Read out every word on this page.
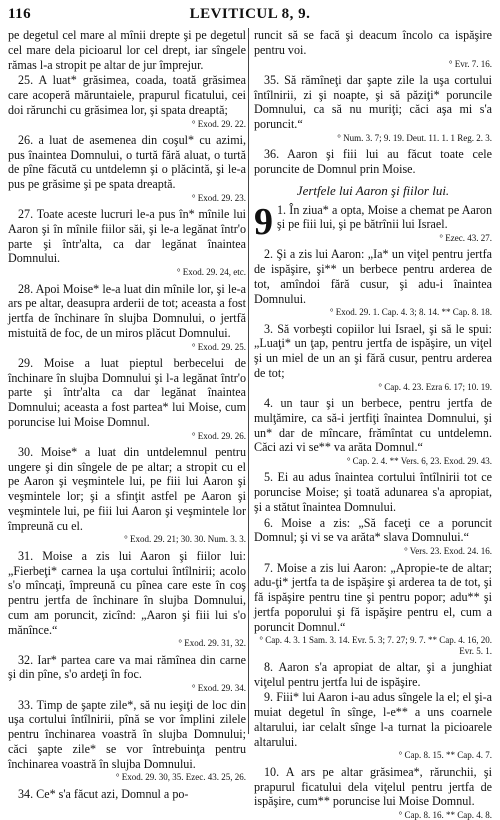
116	LEVITICUL 8, 9.

pe degetul cel mare al mînii drepte şi pe degetul cel mare dela picioarul lor cel drept, iar sîngele rămas l-a stropit pe altar de jur împrejur.

25. A luat* grăsimea, coada, toată grăsimea care acoperă măruntaiele, prapurul ficatului, cei doi rărunchi cu grăsimea lor, şi spata dreaptă;

° Exod. 29. 22.

26. a luat de asemenea din coşul* cu azimi, pus înaintea Domnului, o turtă fără aluat, o turtă de pîne făcută cu untdelemn şi o plăcintă, şi le-a pus pe grăsime şi pe spata dreaptă.

° Exod. 29. 23.

27. Toate aceste lucruri le-a pus în* mînile lui Aaron şi în mînile fiilor săi, şi le-a legănat într'o parte şi într'alta, ca dar legănat înaintea Domnului.

° Exod. 29. 24, etc.

28. Apoi Moise* le-a luat din mînile lor, şi le-a ars pe altar, deasupra arderii de tot; aceasta a fost jertfa de închinare în slujba Domnului, o jertfă mistuită de foc, de un miros plăcut Domnului.

° Exod. 29. 25.

29. Moise a luat pieptul berbecelui de închinare în slujba Domnului şi l-a legănat într'o parte şi într'alta ca dar legănat înaintea Domnului; aceasta a fost partea* lui Moise, cum poruncise lui Moise Domnul.

° Exod. 29. 26.

30. Moise* a luat din untdelemnul pentru ungere şi din sîngele de pe altar; a stropit cu el pe Aaron şi veşmintele lui, pe fiii lui Aaron şi veşmintele lor; şi a sfinţit astfel pe Aaron şi veşmintele lui, pe fiii lui Aaron şi veşmintele lor împreună cu el.

° Exod. 29. 21; 30. 30. Num. 3. 3.

31. Moise a zis lui Aaron şi fiilor lui: „Fierbeţi* carnea la uşa cortului întîlnirii; acolo s'o mîncaţi, împreună cu pînea care este în coş pentru jertfa de închinare în slujba Domnului, cum am poruncit, zicînd: „Aaron şi fiii lui s'o mănînce.“

° Exod. 29. 31, 32.

32. Iar* partea care va mai rămînea din carne şi din pîne, s'o ardeţi în foc.

° Exod. 29. 34.

33. Timp de şapte zile*, să nu ieşiţi de loc din uşa cortului întîlnirii, pînă se vor împlini zilele pentru închinarea voastră în slujba Domnului; căci şapte zile* se vor întrebuinţa pentru închinarea voastră în slujba Domnului.

° Exod. 29. 30, 35. Ezec. 43. 25, 26.

34. Ce* s'a făcut azi, Domnul a po-

runcit să se facă şi deacum încolo ca ispăşire pentru voi.

° Evr. 7. 16.

35. Să rămîneţi dar şapte zile la uşa cortului întîlnirii, zi şi noapte, şi să păziţi* poruncile Domnului, ca să nu muriţi; căci aşa mi s'a poruncit.“

° Num. 3. 7; 9. 19. Deut. 11. 1. 1 Reg. 2. 3.

36. Aaron şi fiii lui au făcut toate cele poruncite de Domnul prin Moise.

Jertfele lui Aaron şi fiilor lui.
9 1. În ziua* a opta, Moise a chemat pe Aaron şi pe fiii lui, şi pe bătrînii lui Israel.

° Ezec. 43. 27.

2. Şi a zis lui Aaron: „Ia* un viţel pentru jertfa de ispăşire, şi** un berbece pentru arderea de tot, amîndoi fără cusur, şi adu-i înaintea Domnului.

° Exod. 29. 1. Cap. 4. 3; 8. 14. ** Cap. 8. 18.

3. Să vorbeşti copiilor lui Israel, şi să le spui: „Luaţi* un ţap, pentru jertfa de ispăşire, un viţel şi un miel de un an şi fără cusur, pentru arderea de tot;

° Cap. 4. 23. Ezra 6. 17; 10. 19.

4. un taur şi un berbece, pentru jertfa de mulţămire, ca să-i jertfiţi înaintea Domnului, şi un* dar de mîncare, frămîntat cu untdelemn. Căci azi vi se** va arăta Domnul.“

° Cap. 2. 4. ** Vers. 6, 23. Exod. 29. 43.

5. Ei au adus înaintea cortului întîlnirii tot ce poruncise Moise; şi toată adunarea s'a apropiat, şi a stătut înaintea Domnului.

6. Moise a zis: „Să faceţi ce a poruncit Domnul; şi vi se va arăta* slava Domnului.“

° Vers. 23. Exod. 24. 16.

7. Moise a zis lui Aaron: „Apropie-te de altar; adu-ţi* jertfa ta de ispăşire şi arderea ta de tot, şi fă ispăşire pentru tine şi pentru popor; adu** şi jertfa poporului şi fă ispăşire pentru el, cum a poruncit Domnul.“

° Cap. 4. 3. 1 Sam. 3. 14. Evr. 5. 3; 7. 27; 9. 7. ** Cap. 4. 16, 20. Evr. 5. 1.

8. Aaron s'a apropiat de altar, şi a junghiat viţelul pentru jertfa lui de ispăşire.

9. Fiii* lui Aaron i-au adus sîngele la el; el şi-a muiat degetul în sînge, l-e** a uns coarnele altarului, iar celalt sînge l-a turnat la picioarele altarului.

° Cap. 8. 15. ** Cap. 4. 7.

10. A ars pe altar grăsimea*, rărunchii, şi prapurul ficatului dela viţelul pentru jertfa de ispăşire, cum** poruncise lui Moise Domnul.

° Cap. 8. 16. ** Cap. 4. 8.
